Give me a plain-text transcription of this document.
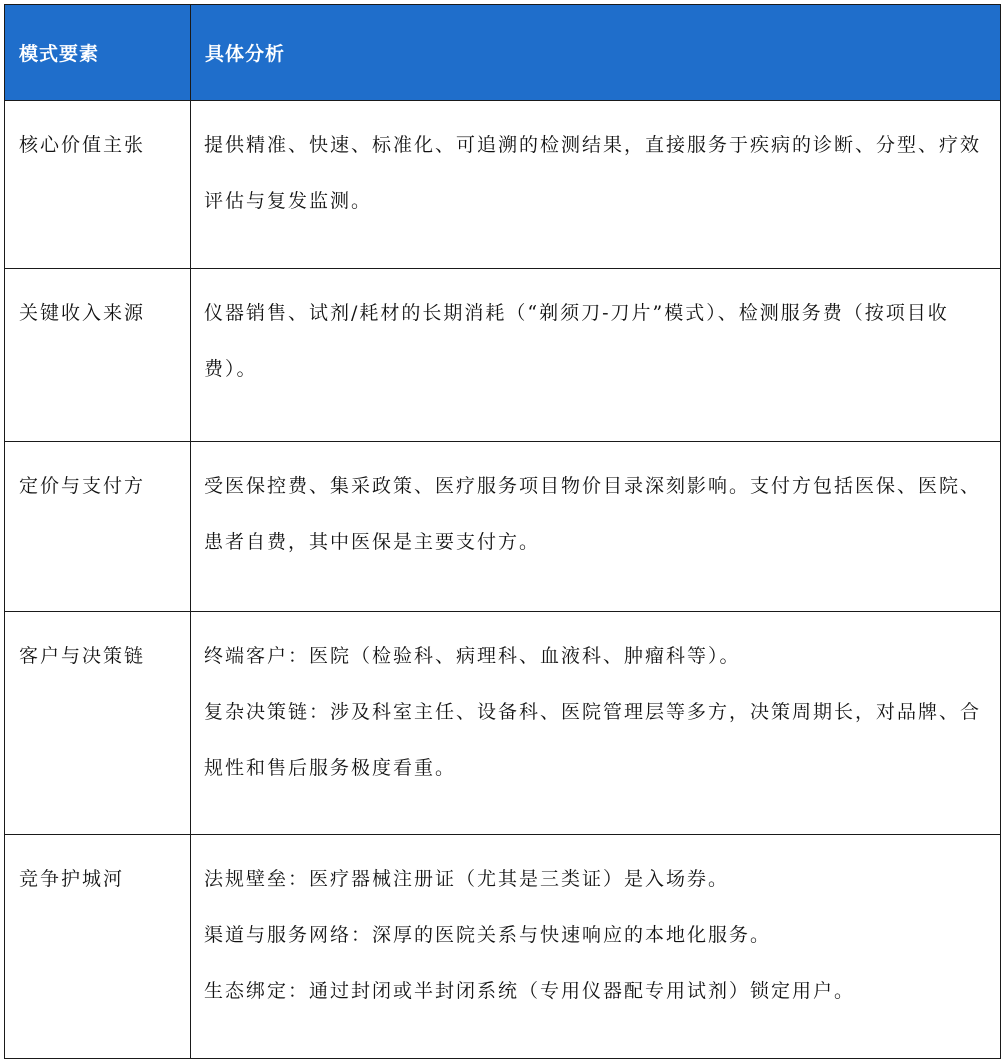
模式要素	具体分析

核心价值主张	提供精准、快速、标准化、可追溯的检测结果，直接服务于疾病的诊断、分型、疗效评估与复发监测。

关键收入来源	仪器销售、试剂/耗材的长期消耗（“剃须刀-刀片”模式）、检测服务费（按项目收费）。

定价与支付方	受医保控费、集采政策、医疗服务项目物价目录深刻影响。支付方包括医保、医院、患者自费，其中医保是主要支付方。

客户与决策链	终端客户：医院（检验科、病理科、血液科、肿瘤科等）。
复杂决策链：涉及科室主任、设备科、医院管理层等多方，决策周期长，对品牌、合规性和售后服务极度看重。

竞争护城河	法规壁垒：医疗器械注册证（尤其是三类证）是入场券。
渠道与服务网络：深厚的医院关系与快速响应的本地化服务。
生态绑定：通过封闭或半封闭系统（专用仪器配专用试剂）锁定用户。
